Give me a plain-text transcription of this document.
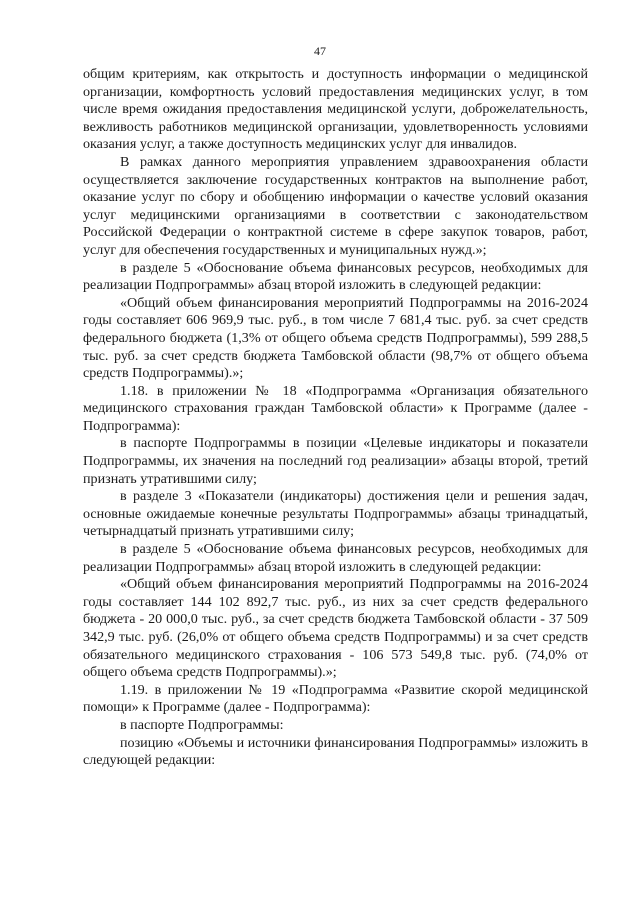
47

общим критериям, как открытость и доступность информации о медицинской организации, комфортность условий предоставления медицинских услуг, в том числе время ожидания предоставления медицинской услуги, доброжелательность, вежливость работников медицинской организации, удовлетворенность условиями оказания услуг, а также доступность медицинских услуг для инвалидов.

В рамках данного мероприятия управлением здравоохранения области осуществляется заключение государственных контрактов на выполнение работ, оказание услуг по сбору и обобщению информации о качестве условий оказания услуг медицинскими организациями в соответствии с законодательством Российской Федерации о контрактной системе в сфере закупок товаров, работ, услуг для обеспечения государственных и муниципальных нужд.»;

в разделе 5 «Обоснование объема финансовых ресурсов, необходимых для реализации Подпрограммы» абзац второй изложить в следующей редакции:

«Общий объем финансирования мероприятий Подпрограммы на 2016-2024 годы составляет 606 969,9 тыс. руб., в том числе 7 681,4 тыс. руб. за счет средств федерального бюджета (1,3% от общего объема средств Подпрограммы), 599 288,5 тыс. руб. за счет средств бюджета Тамбовской области (98,7% от общего объема средств Подпрограммы).»;

1.18. в приложении № 18 «Подпрограмма «Организация обязательного медицинского страхования граждан Тамбовской области» к Программе (далее - Подпрограмма):

в паспорте Подпрограммы в позиции «Целевые индикаторы и показатели Подпрограммы, их значения на последний год реализации» абзацы второй, третий признать утратившими силу;

в разделе 3 «Показатели (индикаторы) достижения цели и решения задач, основные ожидаемые конечные результаты Подпрограммы» абзацы тринадцатый, четырнадцатый признать утратившими силу;

в разделе 5 «Обоснование объема финансовых ресурсов, необходимых для реализации Подпрограммы» абзац второй изложить в следующей редакции:

«Общий объем финансирования мероприятий Подпрограммы на 2016-2024 годы составляет 144 102 892,7 тыс. руб., из них за счет средств федерального бюджета - 20 000,0 тыс. руб., за счет средств бюджета Тамбовской области - 37 509 342,9 тыс. руб. (26,0% от общего объема средств Подпрограммы) и за счет средств обязательного медицинского страхования - 106 573 549,8 тыс. руб. (74,0% от общего объема средств Подпрограммы).»;

1.19. в приложении № 19 «Подпрограмма «Развитие скорой медицинской помощи» к Программе (далее - Подпрограмма):

в паспорте Подпрограммы:

позицию «Объемы и источники финансирования Подпрограммы» изложить в следующей редакции:
